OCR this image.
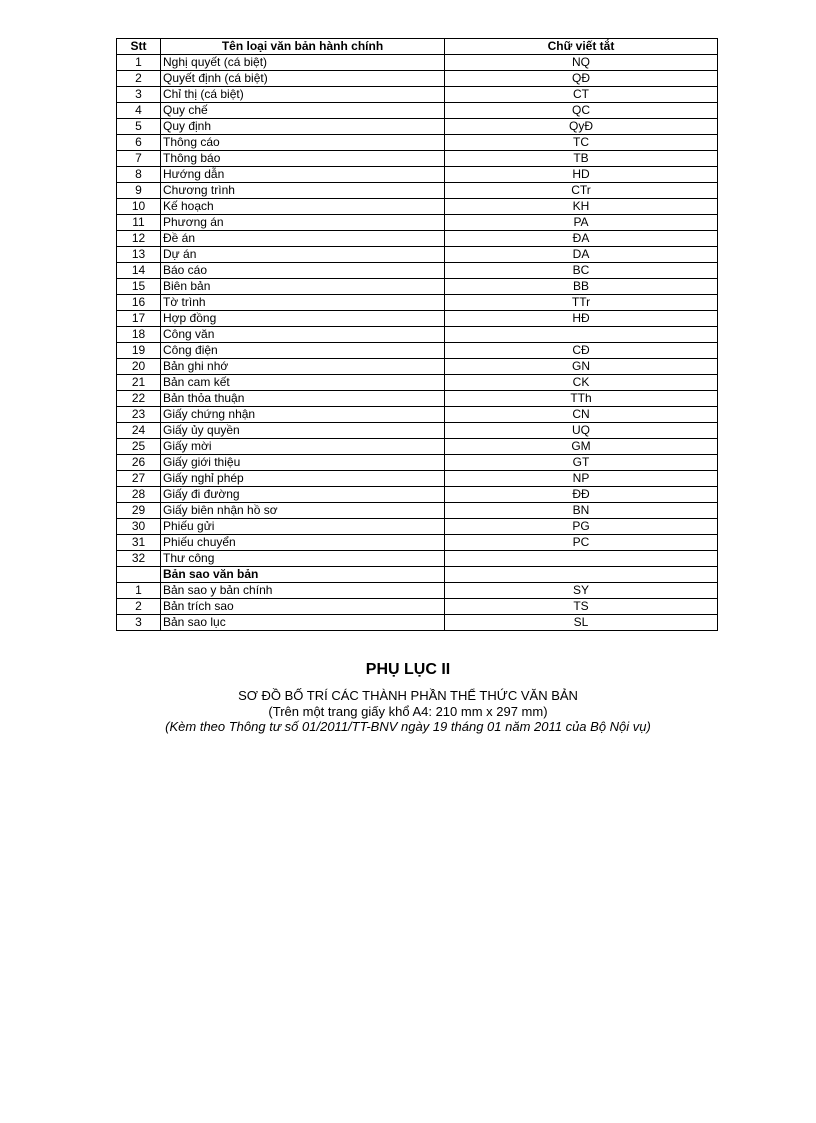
Stt	Tên loại văn bản hành chính	Chữ viết tắt
1	Nghị quyết (cá biệt)	NQ
2	Quyết định (cá biệt)	QĐ
3	Chỉ thị (cá biệt)	CT
4	Quy chế	QC
5	Quy định	QyĐ
6	Thông cáo	TC
7	Thông báo	TB
8	Hướng dẫn	HD
9	Chương trình	CTr
10	Kế hoạch	KH
11	Phương án	PA
12	Đề án	ĐA
13	Dự án	DA
14	Báo cáo	BC
15	Biên bản	BB
16	Tờ trình	TTr
17	Hợp đồng	HĐ
18	Công văn	
19	Công điện	CĐ
20	Bản ghi nhớ	GN
21	Bản cam kết	CK
22	Bản thỏa thuận	TTh
23	Giấy chứng nhận	CN
24	Giấy ủy quyền	UQ
25	Giấy mời	GM
26	Giấy giới thiệu	GT
27	Giấy nghỉ phép	NP
28	Giấy đi đường	ĐĐ
29	Giấy biên nhận hồ sơ	BN
30	Phiếu gửi	PG
31	Phiếu chuyển	PC
32	Thư công	
	Bản sao văn bản	
1	Bản sao y bản chính	SY
2	Bản trích sao	TS
3	Bản sao lục	SL
PHỤ LỤC II
SƠ ĐỒ BỐ TRÍ CÁC THÀNH PHẦN THỂ THỨC VĂN BẢN
(Trên một trang giấy khổ A4: 210 mm x 297 mm)
(Kèm theo Thông tư số 01/2011/TT-BNV ngày 19 tháng 01 năm 2011 của Bộ Nội vụ)
